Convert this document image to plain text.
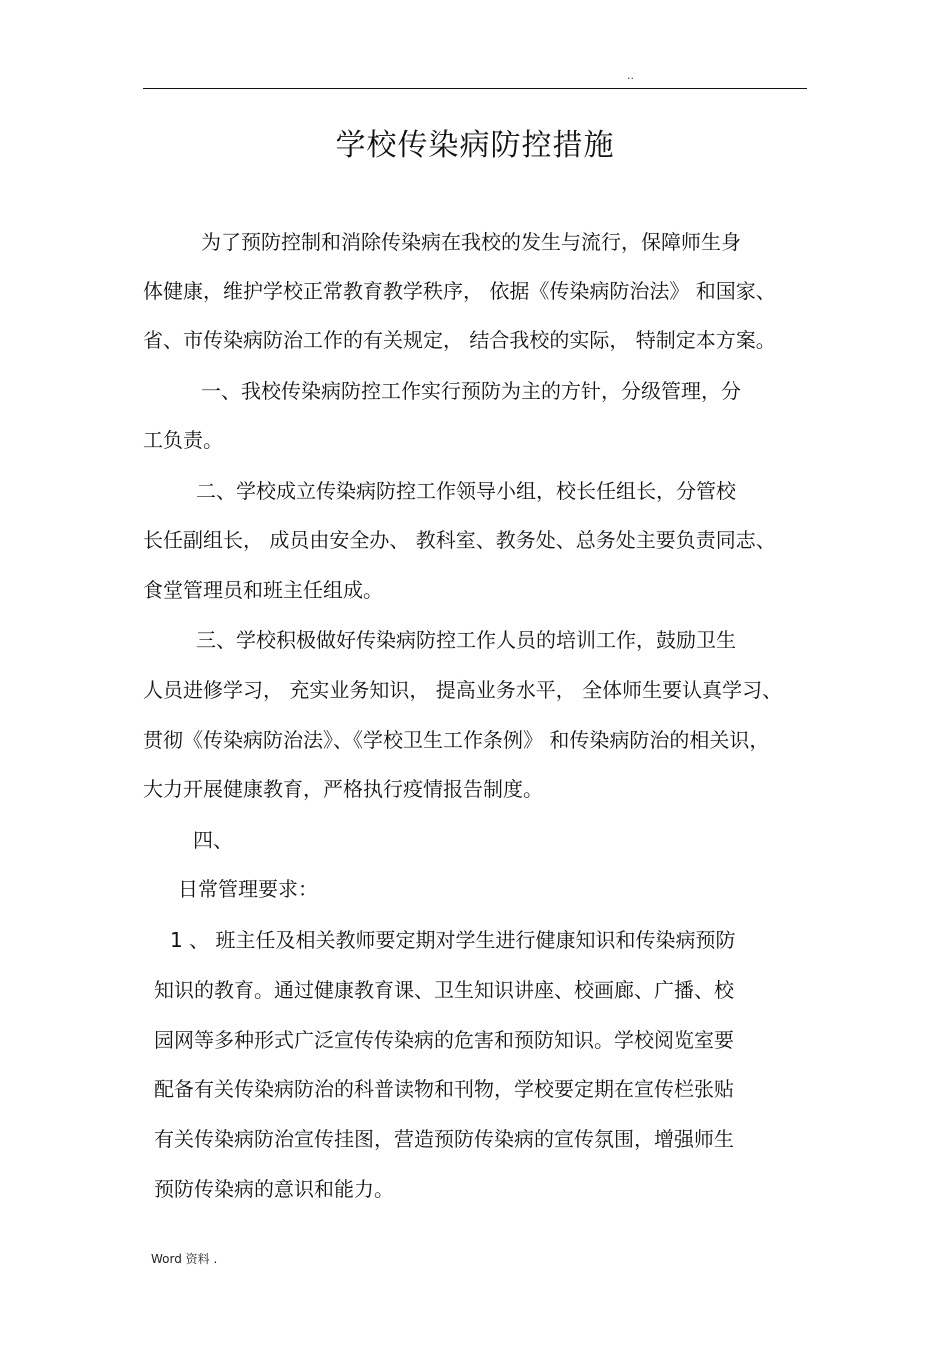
..
学校传染病防控措施
为了预防控制和消除传染病在我校的发生与流行，保障师生身
体健康，维护学校正常教育教学秩序， 依据《传染病防治法》 和国家、
省、市传染病防治工作的有关规定， 结合我校的实际， 特制定本方案。
一、我校传染病防控工作实行预防为主的方针，分级管理，分
工负责。
二、学校成立传染病防控工作领导小组，校长任组长，分管校
长任副组长， 成员由安全办、 教科室、教务处、总务处主要负责同志、
食堂管理员和班主任组成。
三、学校积极做好传染病防控工作人员的培训工作，鼓励卫生
人员进修学习， 充实业务知识， 提高业务水平， 全体师生要认真学习、
贯彻《传染病防治法》、《学校卫生工作条例》 和传染病防治的相关识，
大力开展健康教育，严格执行疫情报告制度。
四、
日常管理要求：
1 、 班主任及相关教师要定期对学生进行健康知识和传染病预防
知识的教育。通过健康教育课、卫生知识讲座、校画廊、广播、校
园网等多种形式广泛宣传传染病的危害和预防知识。学校阅览室要
配备有关传染病防治的科普读物和刊物，学校要定期在宣传栏张贴
有关传染病防治宣传挂图，营造预防传染病的宣传氛围，增强师生
预防传染病的意识和能力。
Word 资料 .
